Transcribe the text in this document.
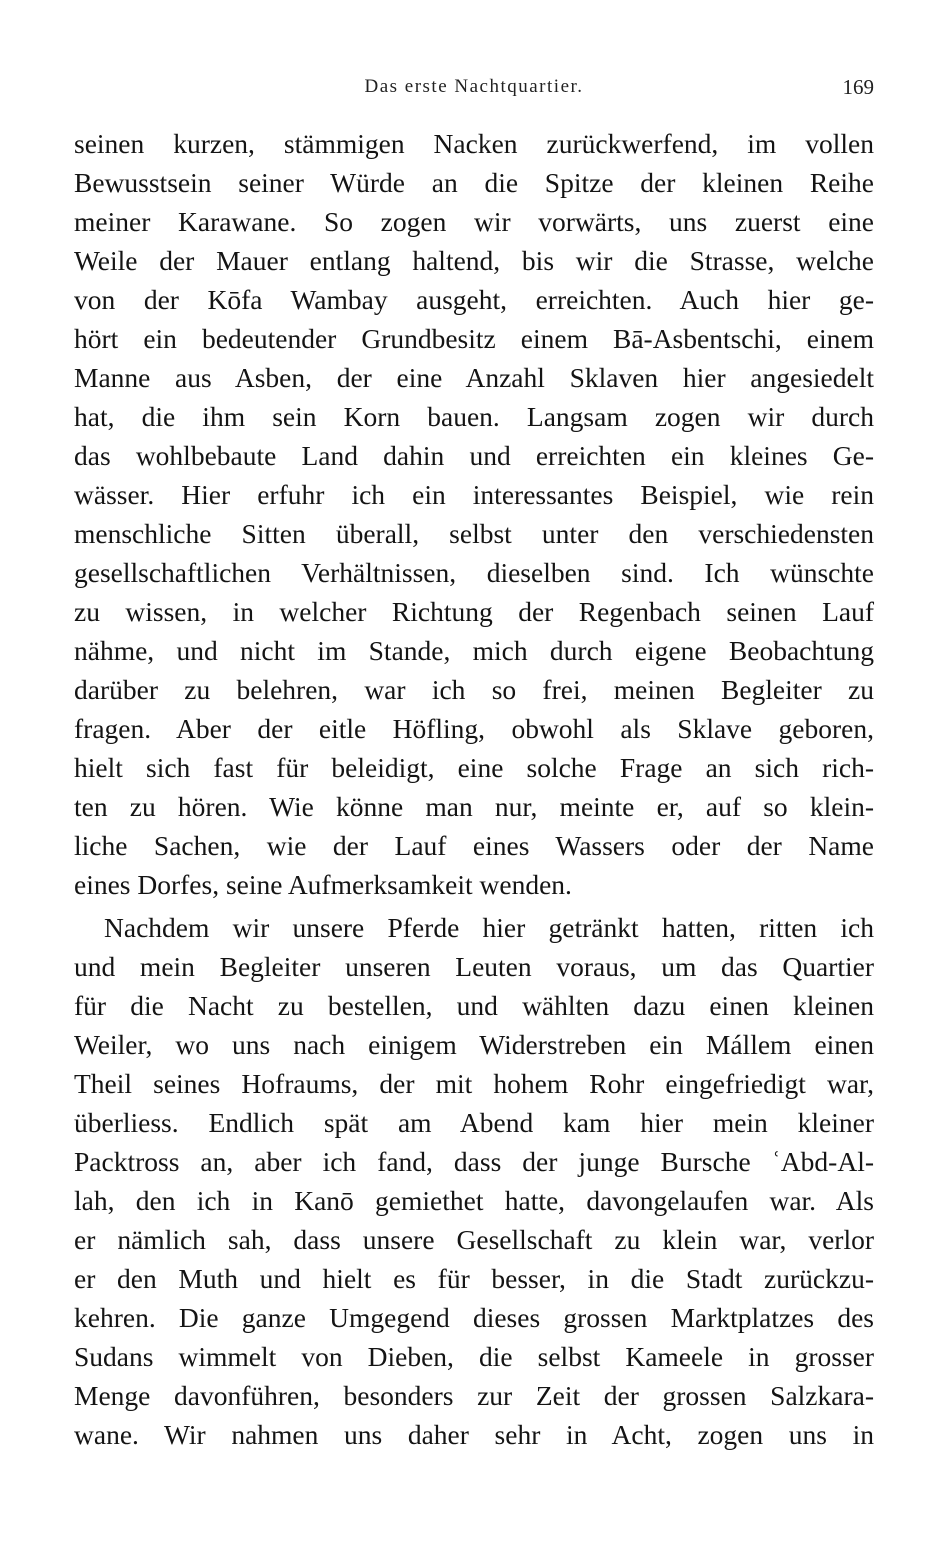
Das erste Nachtquartier.	169
seinen kurzen, stämmigen Nacken zurückwerfend, im vollen
Bewusstsein seiner Würde an die Spitze der kleinen Reihe
meiner Karawane. So zogen wir vorwärts, uns zuerst eine
Weile der Mauer entlang haltend, bis wir die Strasse, welche
von der Kōfa Wambay ausgeht, erreichten. Auch hier ge-
hört ein bedeutender Grundbesitz einem Bā-Asbentschi, einem
Manne aus Asben, der eine Anzahl Sklaven hier angesiedelt
hat, die ihm sein Korn bauen. Langsam zogen wir durch
das wohlbebaute Land dahin und erreichten ein kleines Ge-
wässer. Hier erfuhr ich ein interessantes Beispiel, wie rein
menschliche Sitten überall, selbst unter den verschiedensten
gesellschaftlichen Verhältnissen, dieselben sind. Ich wünschte
zu wissen, in welcher Richtung der Regenbach seinen Lauf
nähme, und nicht im Stande, mich durch eigene Beobachtung
darüber zu belehren, war ich so frei, meinen Begleiter zu
fragen. Aber der eitle Höfling, obwohl als Sklave geboren,
hielt sich fast für beleidigt, eine solche Frage an sich rich-
ten zu hören. Wie könne man nur, meinte er, auf so klein-
liche Sachen, wie der Lauf eines Wassers oder der Name
eines Dorfes, seine Aufmerksamkeit wenden.
Nachdem wir unsere Pferde hier getränkt hatten, ritten ich
und mein Begleiter unseren Leuten voraus, um das Quartier
für die Nacht zu bestellen, und wählten dazu einen kleinen
Weiler, wo uns nach einigem Widerstreben ein Mállem einen
Theil seines Hofraums, der mit hohem Rohr eingefriedigt war,
überliess. Endlich spät am Abend kam hier mein kleiner
Packtross an, aber ich fand, dass der junge Bursche ʿAbd-Al-
lah, den ich in Kanō gemiethet hatte, davongelaufen war. Als
er nämlich sah, dass unsere Gesellschaft zu klein war, verlor
er den Muth und hielt es für besser, in die Stadt zurückzu-
kehren. Die ganze Umgegend dieses grossen Marktplatzes des
Sudans wimmelt von Dieben, die selbst Kameele in grosser
Menge davonführen, besonders zur Zeit der grossen Salzkara-
wane. Wir nahmen uns daher sehr in Acht, zogen uns in
